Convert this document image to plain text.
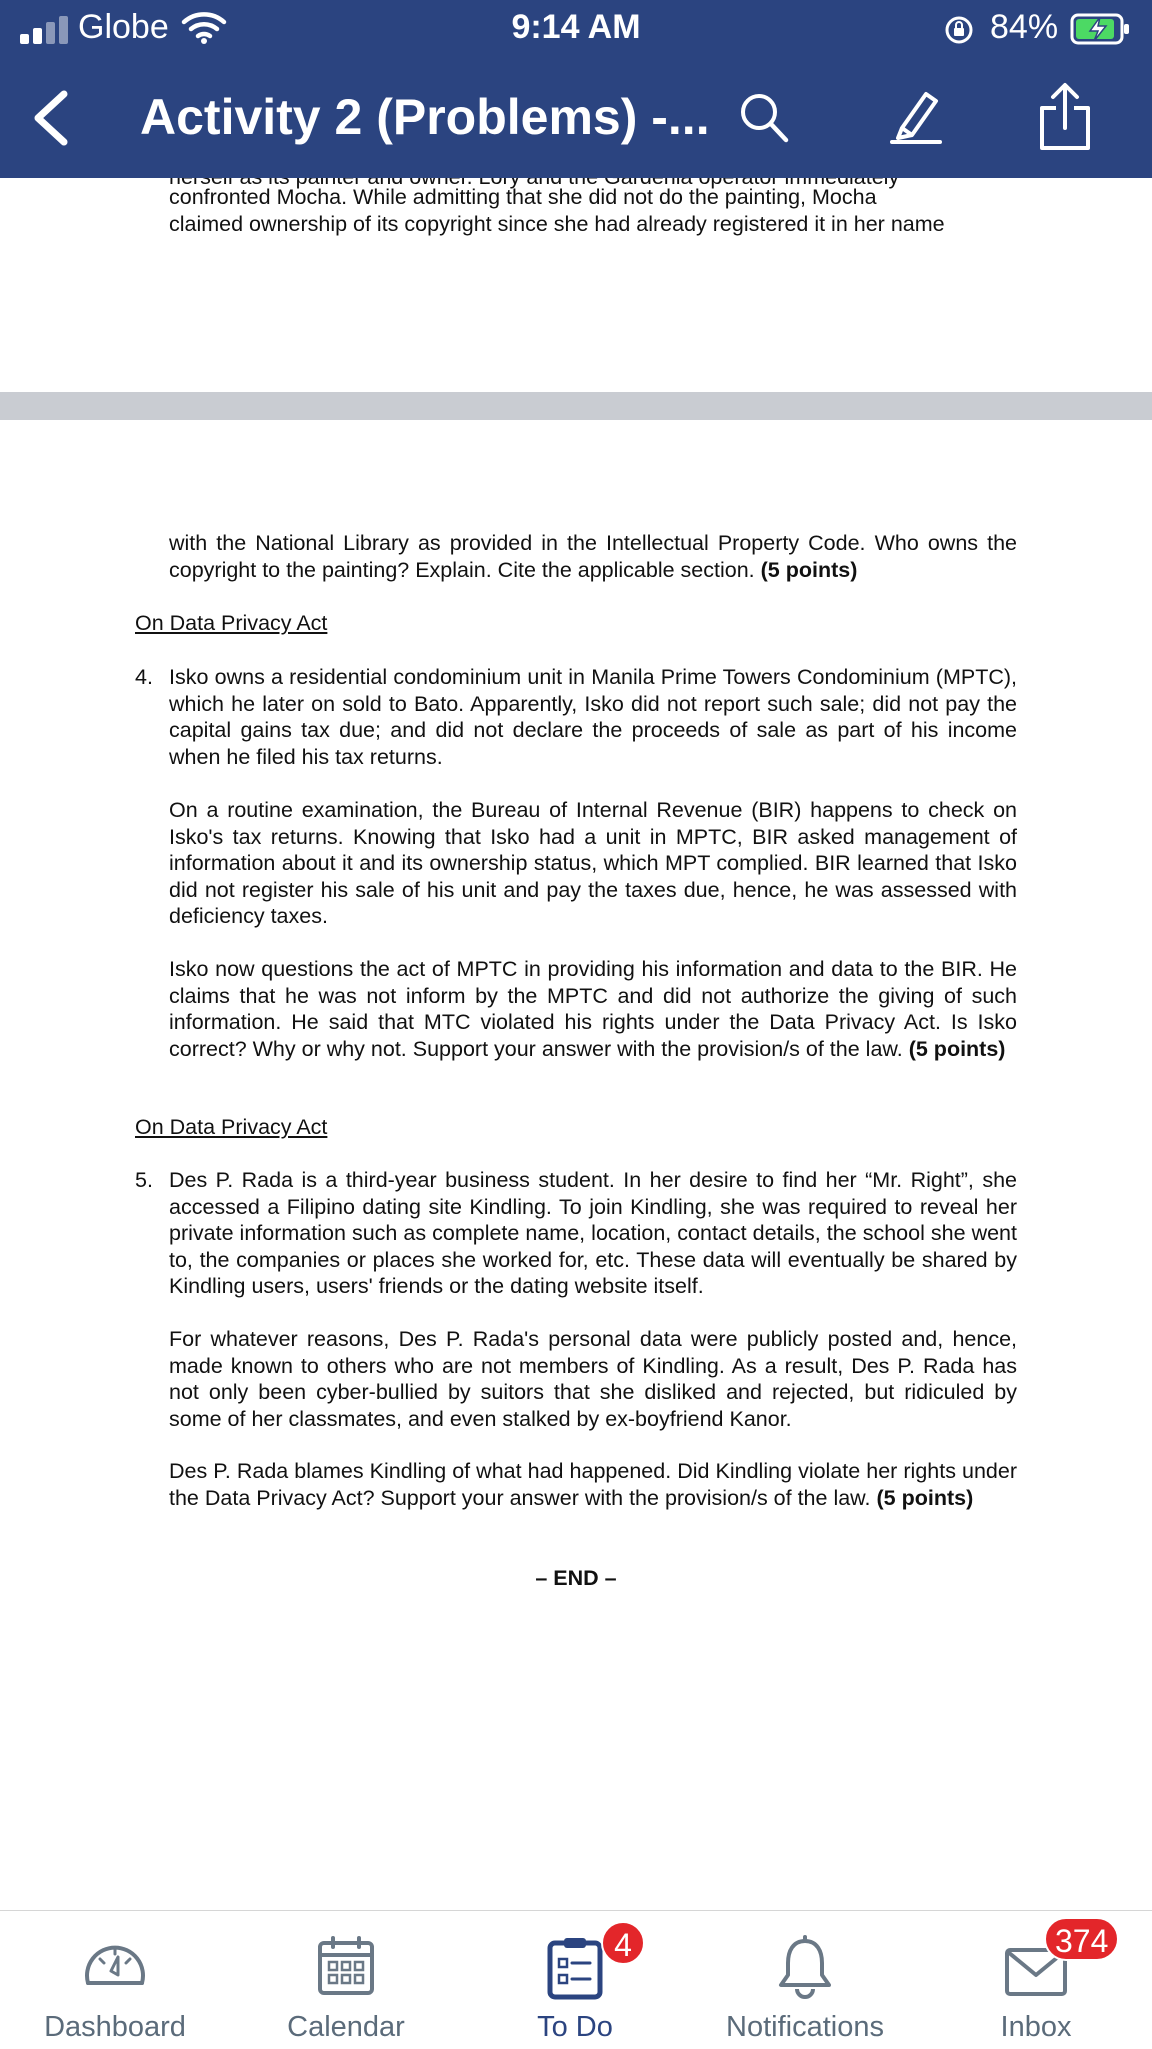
Globe	9:14 AM	84%
Activity 2 (Problems) -...

confronted Mocha. While admitting that she did not do the painting, Mocha

claimed ownership of its copyright since she had already registered it in her name

with the National Library as provided in the Intellectual Property Code. Who owns the copyright to the painting? Explain. Cite the applicable section. (5 points)

On Data Privacy Act

4. Isko owns a residential condominium unit in Manila Prime Towers Condominium (MPTC), which he later on sold to Bato. Apparently, Isko did not report such sale; did not pay the capital gains tax due; and did not declare the proceeds of sale as part of his income when he filed his tax returns.

On a routine examination, the Bureau of Internal Revenue (BIR) happens to check on Isko's tax returns. Knowing that Isko had a unit in MPTC, BIR asked management of information about it and its ownership status, which MPT complied. BIR learned that Isko did not register his sale of his unit and pay the taxes due, hence, he was assessed with deficiency taxes.

Isko now questions the act of MPTC in providing his information and data to the BIR. He claims that he was not inform by the MPTC and did not authorize the giving of such information. He said that MTC violated his rights under the Data Privacy Act. Is Isko correct? Why or why not. Support your answer with the provision/s of the law. (5 points)

On Data Privacy Act

5. Des P. Rada is a third-year business student. In her desire to find her “Mr. Right”, she accessed a Filipino dating site Kindling. To join Kindling, she was required to reveal her private information such as complete name, location, contact details, the school she went to, the companies or places she worked for, etc. These data will eventually be shared by Kindling users, users' friends or the dating website itself.

For whatever reasons, Des P. Rada's personal data were publicly posted and, hence, made known to others who are not members of Kindling. As a result, Des P. Rada has not only been cyber-bullied by suitors that she disliked and rejected, but ridiculed by some of her classmates, and even stalked by ex-boyfriend Kanor.

Des P. Rada blames Kindling of what had happened. Did Kindling violate her rights under the Data Privacy Act? Support your answer with the provision/s of the law. (5 points)

– END –

Dashboard	Calendar
4
To Do	Notifications
374
Inbox
